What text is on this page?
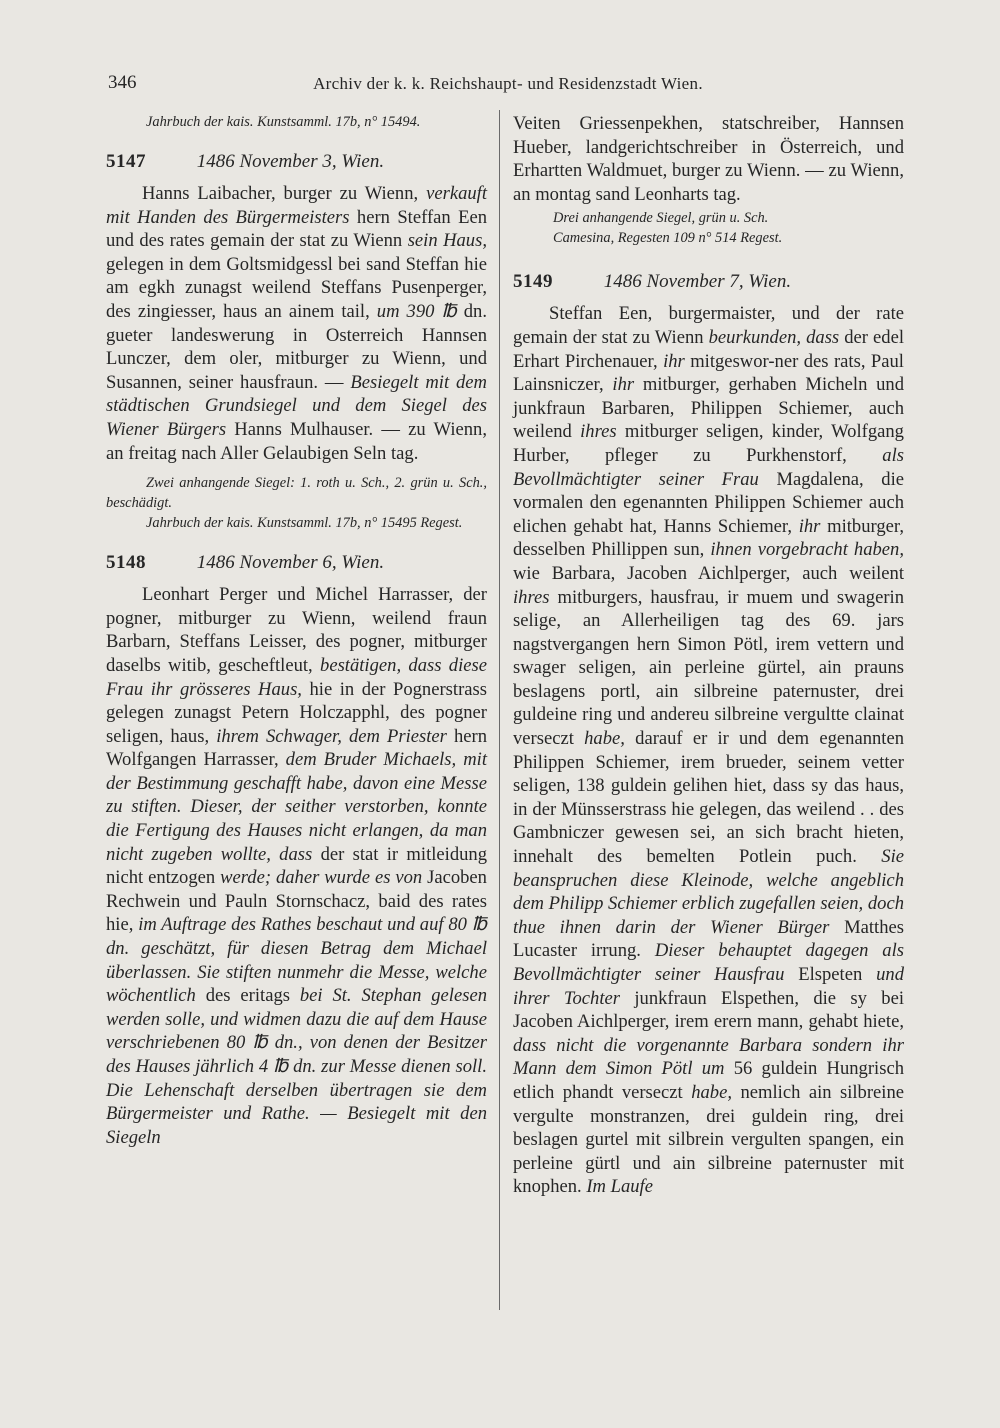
346	Archiv der k. k. Reichshaupt- und Residenzstadt Wien.

Jahrbuch der kais. Kunstsamml. 17b, n° 15494.

5147	1486 November 3, Wien.

Hanns Laibacher, burger zu Wienn, verkauft mit Handen des Bürgermeisters hern Steffan Een und des rates gemain der stat zu Wienn sein Haus, gelegen in dem Goltsmidgessl bei sand Steffan hie am egkh zunagst weilend Steffans Pusenperger, des zingiesser, haus an ainem tail, um 390 ℔ dn. gueter landeswerung in Osterreich Hannsen Lunczer, dem oler, mitburger zu Wienn, und Susannen, seiner hausfraun. — Besiegelt mit dem städtischen Grundsiegel und dem Siegel des Wiener Bürgers Hanns Mulhauser. — zu Wienn, an freitag nach Aller Gelaubigen Seln tag.

Zwei anhangende Siegel: 1. roth u. Sch., 2. grün u. Sch., beschädigt.

Jahrbuch der kais. Kunstsamml. 17b, n° 15495 Regest.

5148	1486 November 6, Wien.

Leonhart Perger und Michel Harrasser, der pogner, mitburger zu Wienn, weilend fraun Barbarn, Steffans Leisser, des pogner, mitburger daselbs witib, gescheftleut, bestätigen, dass diese Frau ihr grösseres Haus, hie in der Pognerstrass gelegen zunagst Petern Holczapphl, des pogner seligen, haus, ihrem Schwager, dem Priester hern Wolfgangen Harrasser, dem Bruder Michaels, mit der Bestimmung geschafft habe, davon eine Messe zu stiften. Dieser, der seither verstorben, konnte die Fertigung des Hauses nicht erlangen, da man nicht zugeben wollte, dass der stat ir mitleidung nicht entzogen werde; daher wurde es von Jacoben Rechwein und Pauln Stornschacz, baid des rates hie, im Auftrage des Rathes beschaut und auf 80 ℔ dn. geschätzt, für diesen Betrag dem Michael überlassen. Sie stiften nunmehr die Messe, welche wöchentlich des eritags bei St. Stephan gelesen werden solle, und widmen dazu die auf dem Hause verschriebenen 80 ℔ dn., von denen der Besitzer des Hauses jährlich 4 ℔ dn. zur Messe dienen soll. Die Lehenschaft derselben übertragen sie dem Bürgermeister und Rathe. — Besiegelt mit den Siegeln

Veiten Griessenpekhen, statschreiber, Hannsen Hueber, landgerichtschreiber in Österreich, und Erhartten Waldmuet, burger zu Wienn. — zu Wienn, an montag sand Leonharts tag.

Drei anhangende Siegel, grün u. Sch.

Camesina, Regesten 109 n° 514 Regest.

5149	1486 November 7, Wien.

Steffan Een, burgermaister, und der rate gemain der stat zu Wienn beurkunden, dass der edel Erhart Pirchenauer, ihr mitgeswor-ner des rats, Paul Lainsniczer, ihr mitburger, gerhaben Micheln und junkfraun Barbaren, Philippen Schiemer, auch weilend ihres mitburger seligen, kinder, Wolfgang Hurber, pfleger zu Purkhenstorf, als Bevollmächtigter seiner Frau Magdalena, die vormalen den egenannten Philippen Schiemer auch elichen gehabt hat, Hanns Schiemer, ihr mitburger, desselben Phillippen sun, ihnen vorgebracht haben, wie Barbara, Jacoben Aichlperger, auch weilent ihres mitburgers, hausfrau, ir muem und swagerin selige, an Allerheiligen tag des 69. jars nagstvergangen hern Simon Pötl, irem vettern und swager seligen, ain perleine gürtel, ain prauns beslagens portl, ain silbreine paternuster, drei guldeine ring und andereu silbreine vergultte clainat verseczt habe, darauf er ir und dem egenannten Philippen Schiemer, irem brueder, seinem vetter seligen, 138 guldein gelihen hiet, dass sy das haus, in der Münsserstrass hie gelegen, das weilend . . des Gambniczer gewesen sei, an sich bracht hieten, innehalt des bemelten Potlein puch. Sie beanspruchen diese Kleinode, welche angeblich dem Philipp Schiemer erblich zugefallen seien, doch thue ihnen darin der Wiener Bürger Matthes Lucaster irrung. Dieser behauptet dagegen als Bevollmächtigter seiner Hausfrau Elspeten und ihrer Tochter junkfraun Elspethen, die sy bei Jacoben Aichlperger, irem erern mann, gehabt hiete, dass nicht die vorgenannte Barbara sondern ihr Mann dem Simon Pötl um 56 guldein Hungrisch etlich phandt verseczt habe, nemlich ain silbreine vergulte monstranzen, drei guldein ring, drei beslagen gurtel mit silbrein vergulten spangen, ein perleine gürtl und ain silbreine paternuster mit knophen. Im Laufe
